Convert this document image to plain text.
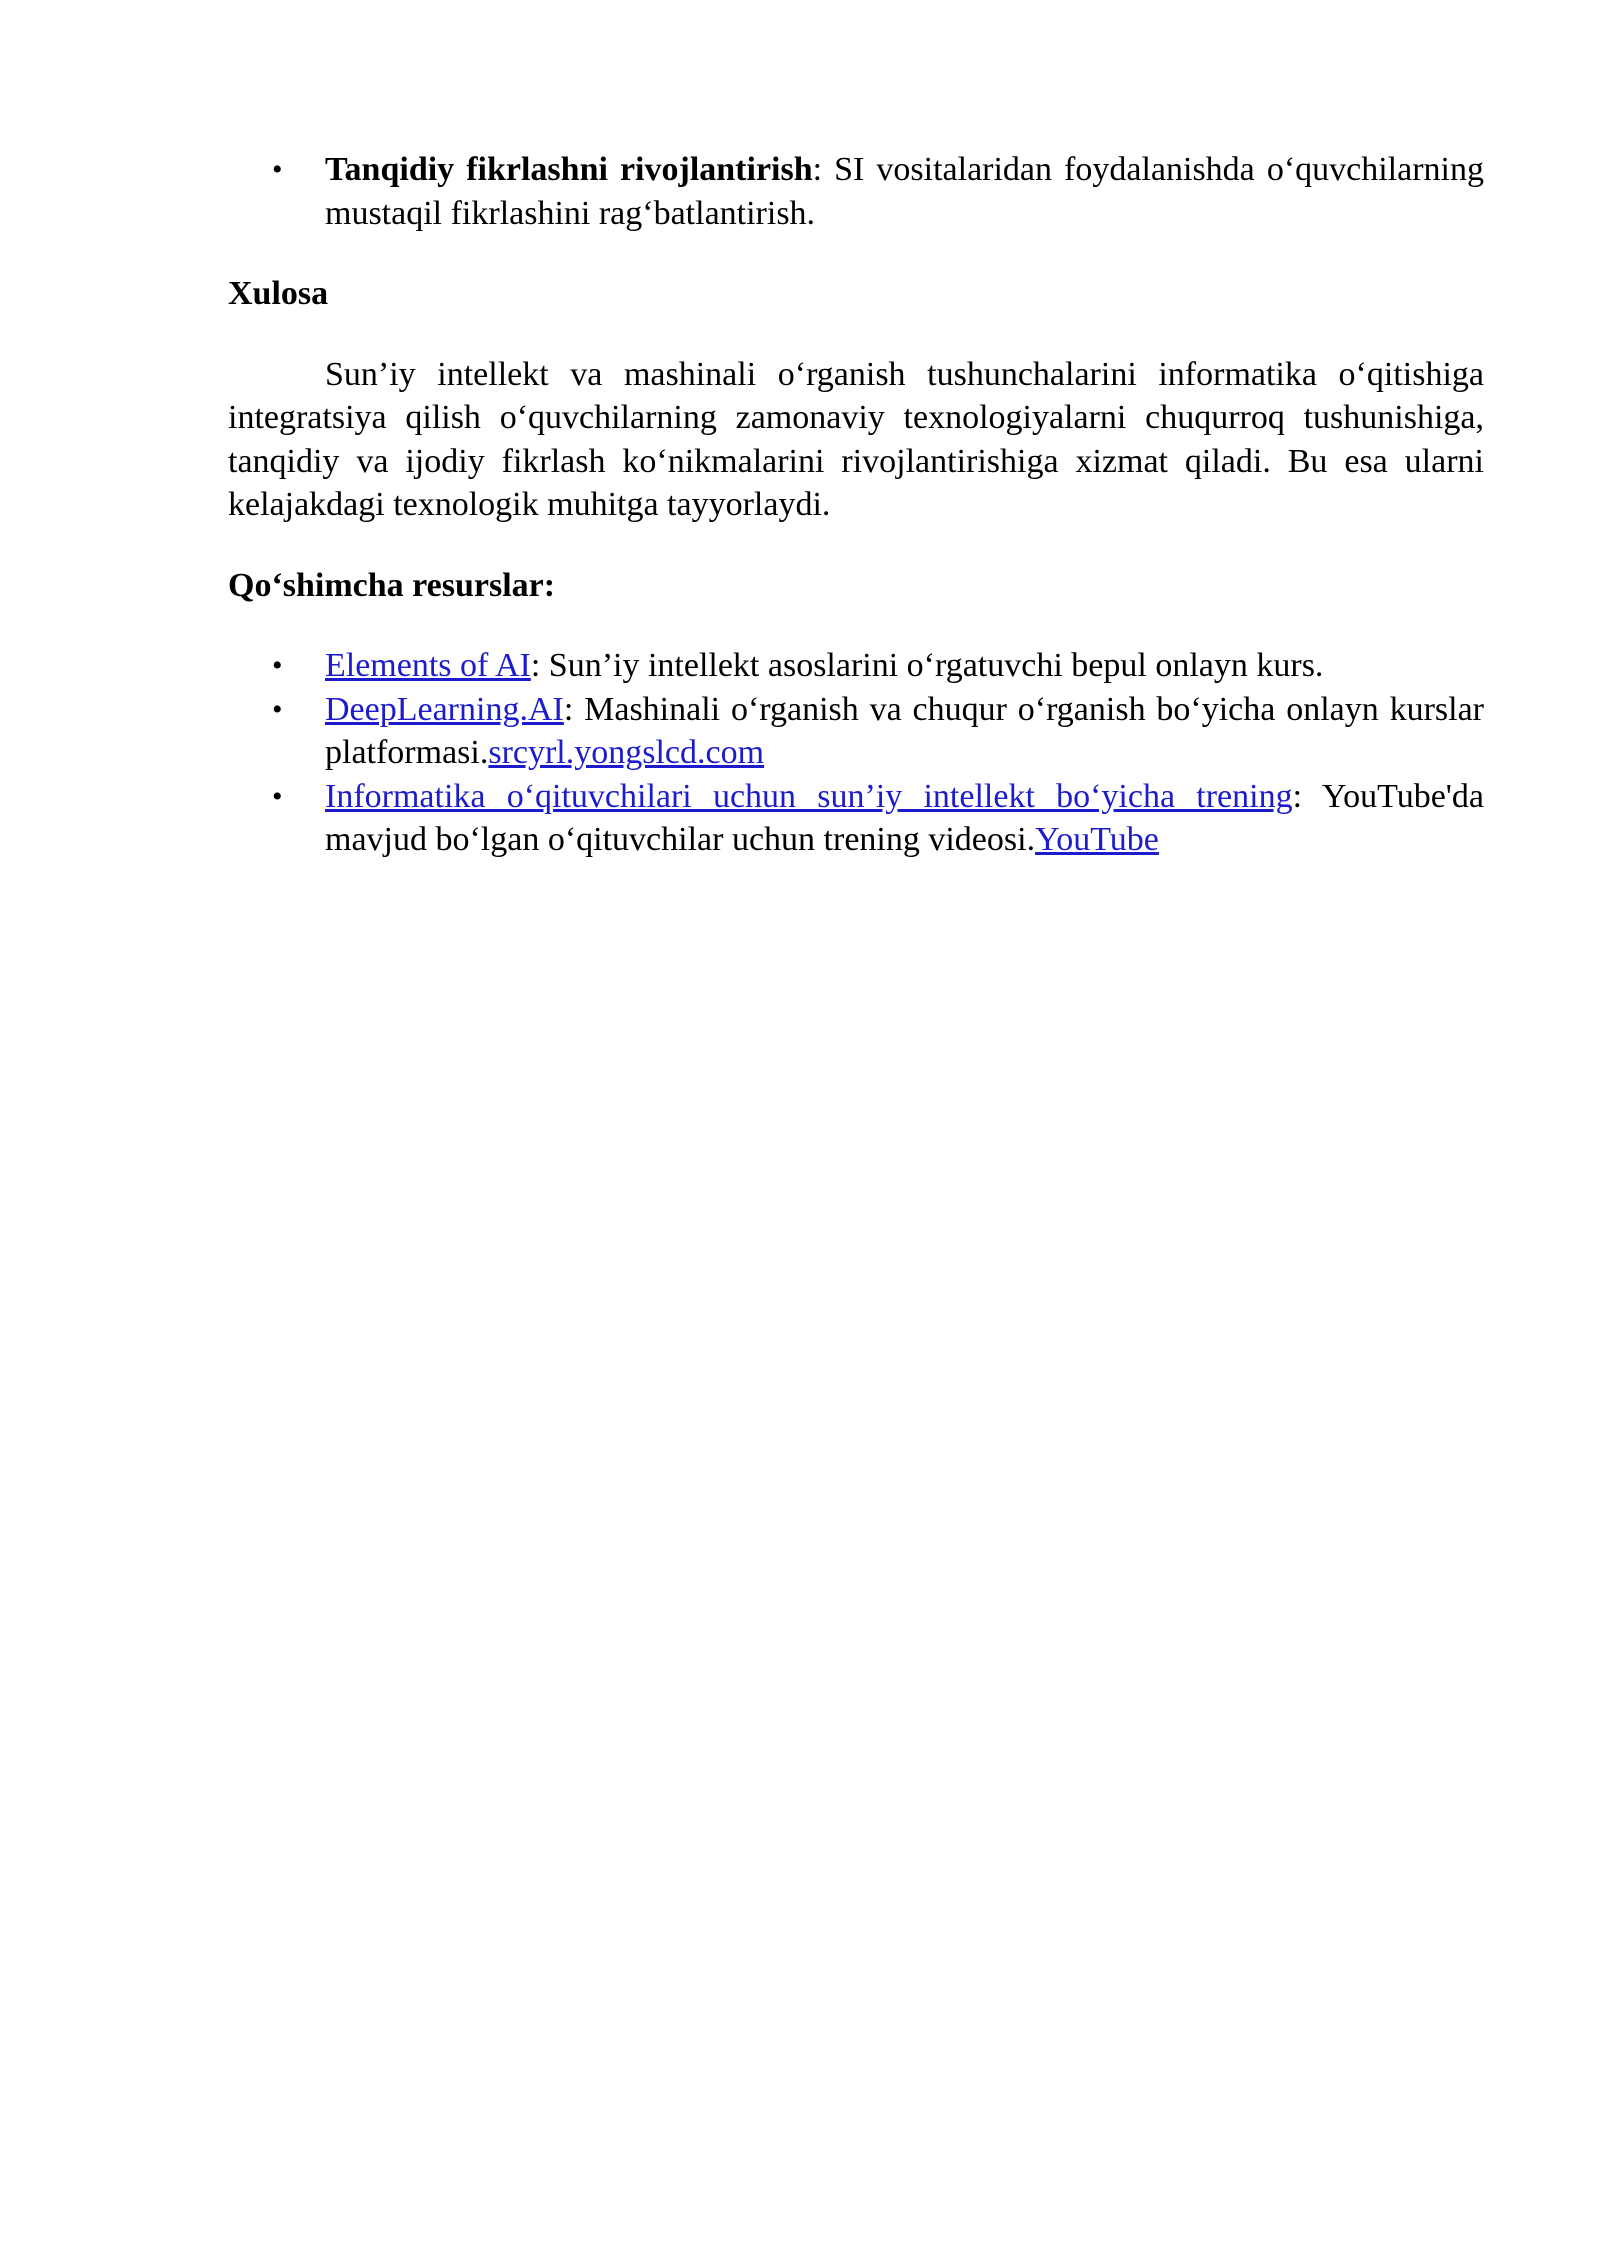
• Tanqidiy fikrlashni rivojlantirish: SI vositalaridan foydalanishda o‘quvchilarning mustaqil fikrlashini rag‘batlantirish.
Xulosa

Sun’iy intellekt va mashinali o‘rganish tushunchalarini informatika o‘qitishiga integratsiya qilish o‘quvchilarning zamonaviy texnologiyalarni chuqurroq tushunishiga, tanqidiy va ijodiy fikrlash ko‘nikmalarini rivojlantirishiga xizmat qiladi. Bu esa ularni kelajakdagi texnologik muhitga tayyorlaydi.

Qo‘shimcha resurslar:
• Elements of AI: Sun’iy intellekt asoslarini o‘rgatuvchi bepul onlayn kurs.
• DeepLearning.AI: Mashinali o‘rganish va chuqur o‘rganish bo‘yicha onlayn kurslar platformasi.srcyrl.yongslcd.com
• Informatika o‘qituvchilari uchun sun’iy intellekt bo‘yicha trening: YouTube'da mavjud bo‘lgan o‘qituvchilar uchun trening videosi.YouTube
